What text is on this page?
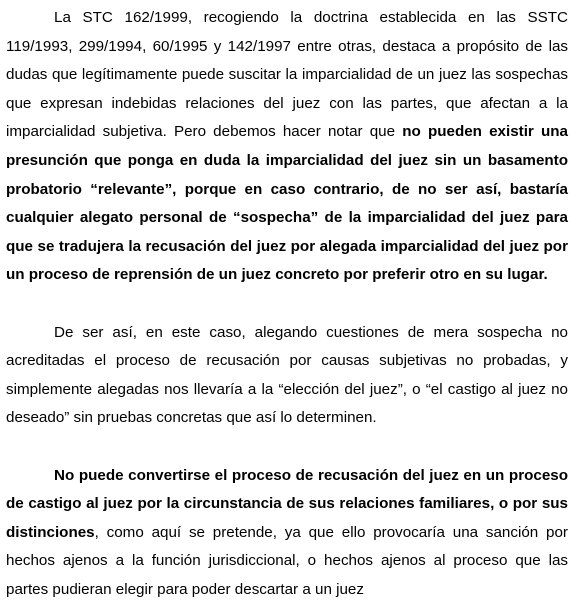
La STC 162/1999, recogiendo la doctrina establecida en las SSTC 119/1993, 299/1994, 60/1995 y 142/1997 entre otras, destaca a propósito de las dudas que legítimamente puede suscitar la imparcialidad de un juez las sospechas que expresan indebidas relaciones del juez con las partes, que afectan a la imparcialidad subjetiva. Pero debemos hacer notar que no pueden existir una presunción que ponga en duda la imparcialidad del juez sin un basamento probatorio “relevante”, porque en caso contrario, de no ser así, bastaría cualquier alegato personal de “sospecha” de la imparcialidad del juez para que se tradujera la recusación del juez por alegada imparcialidad del juez por un proceso de reprensión de un juez concreto por preferir otro en su lugar.

De ser así, en este caso, alegando cuestiones de mera sospecha no acreditadas el proceso de recusación por causas subjetivas no probadas, y simplemente alegadas nos llevaría a la “elección del juez”, o “el castigo al juez no deseado” sin pruebas concretas que así lo determinen.

No puede convertirse el proceso de recusación del juez en un proceso de castigo al juez por la circunstancia de sus relaciones familiares, o por sus distinciones, como aquí se pretende, ya que ello provocaría una sanción por hechos ajenos a la función jurisdiccional, o hechos ajenos al proceso que las partes pudieran elegir para poder descartar a un juez
